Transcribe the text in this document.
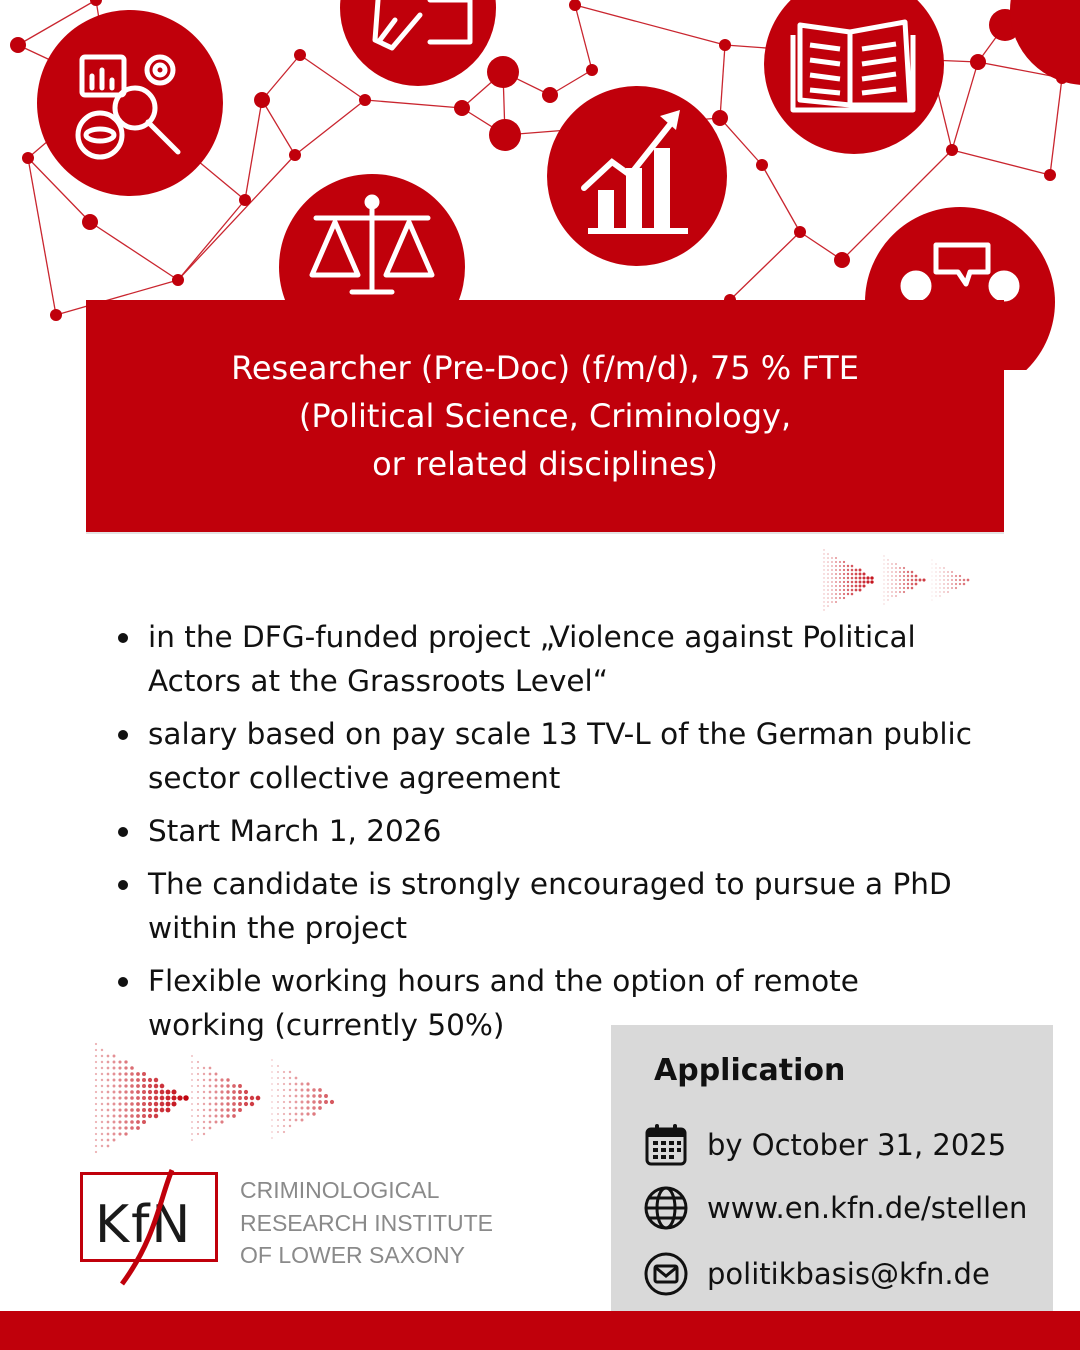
Researcher (Pre-Doc) (f/m/d), 75 % FTE
(Political Science, Criminology,
or related disciplines)
in the DFG-funded project „Violence against Political Actors at the Grassroots Level“
salary based on pay scale 13 TV-L of the German public sector collective agreement
Start March 1, 2026
The candidate is strongly encouraged to pursue a PhD within the project
Flexible working hours and the option of remote working (currently 50%)
KfN
CRIMINOLOGICAL
RESEARCH INSTITUTE
OF LOWER SAXONY
Application
by October 31, 2025
www.en.kfn.de/stellen
politikbasis@kfn.de
